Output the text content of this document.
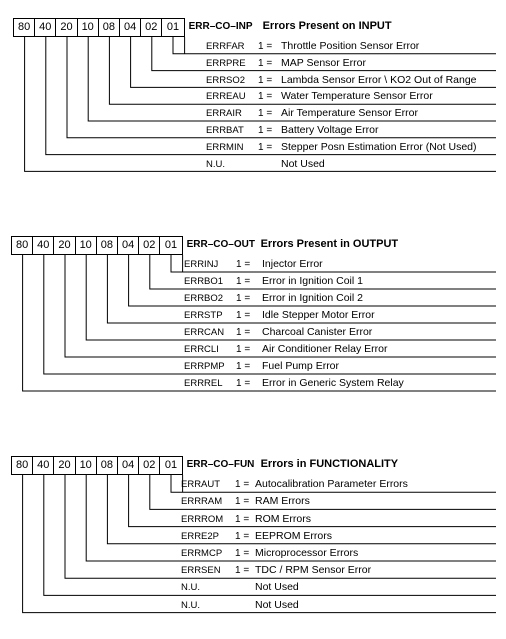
80 40 20 10 08 04 02 01 ERR–CO–INP Errors Present on INPUT
ERRFAR 1 = Throttle Position Sensor Error
ERRPRE 1 = MAP Sensor Error
ERRSO2 1 = Lambda Sensor Error \ KO2 Out of Range
ERREAU 1 = Water Temperature Sensor Error
ERRAIR 1 = Air Temperature Sensor Error
ERRBAT 1 = Battery Voltage Error
ERRMIN 1 = Stepper Posn Estimation Error (Not Used)
N.U.	Not Used
80 40 20 10 08 04 02 01 ERR–CO–OUT Errors Present in OUTPUT
ERRINJ 1 = Injector Error
ERRBO1 1 = Error in Ignition Coil 1
ERRBO2 1 = Error in Ignition Coil 2
ERRSTP 1 = Idle Stepper Motor Error
ERRCAN 1 = Charcoal Canister Error
ERRCLI 1 = Air Conditioner Relay Error
ERRPMP 1 = Fuel Pump Error
ERRREL 1 = Error in Generic System Relay
80 40 20 10 08 04 02 01 ERR–CO–FUN Errors in FUNCTIONALITY
ERRAUT 1 = Autocalibration Parameter Errors
ERRRAM 1 = RAM Errors
ERRROM 1 = ROM Errors
ERRE2P 1 = EEPROM Errors
ERRMCP 1 = Microprocessor Errors
ERRSEN 1 = TDC / RPM Sensor Error
N.U.	Not Used
N.U.	Not Used
